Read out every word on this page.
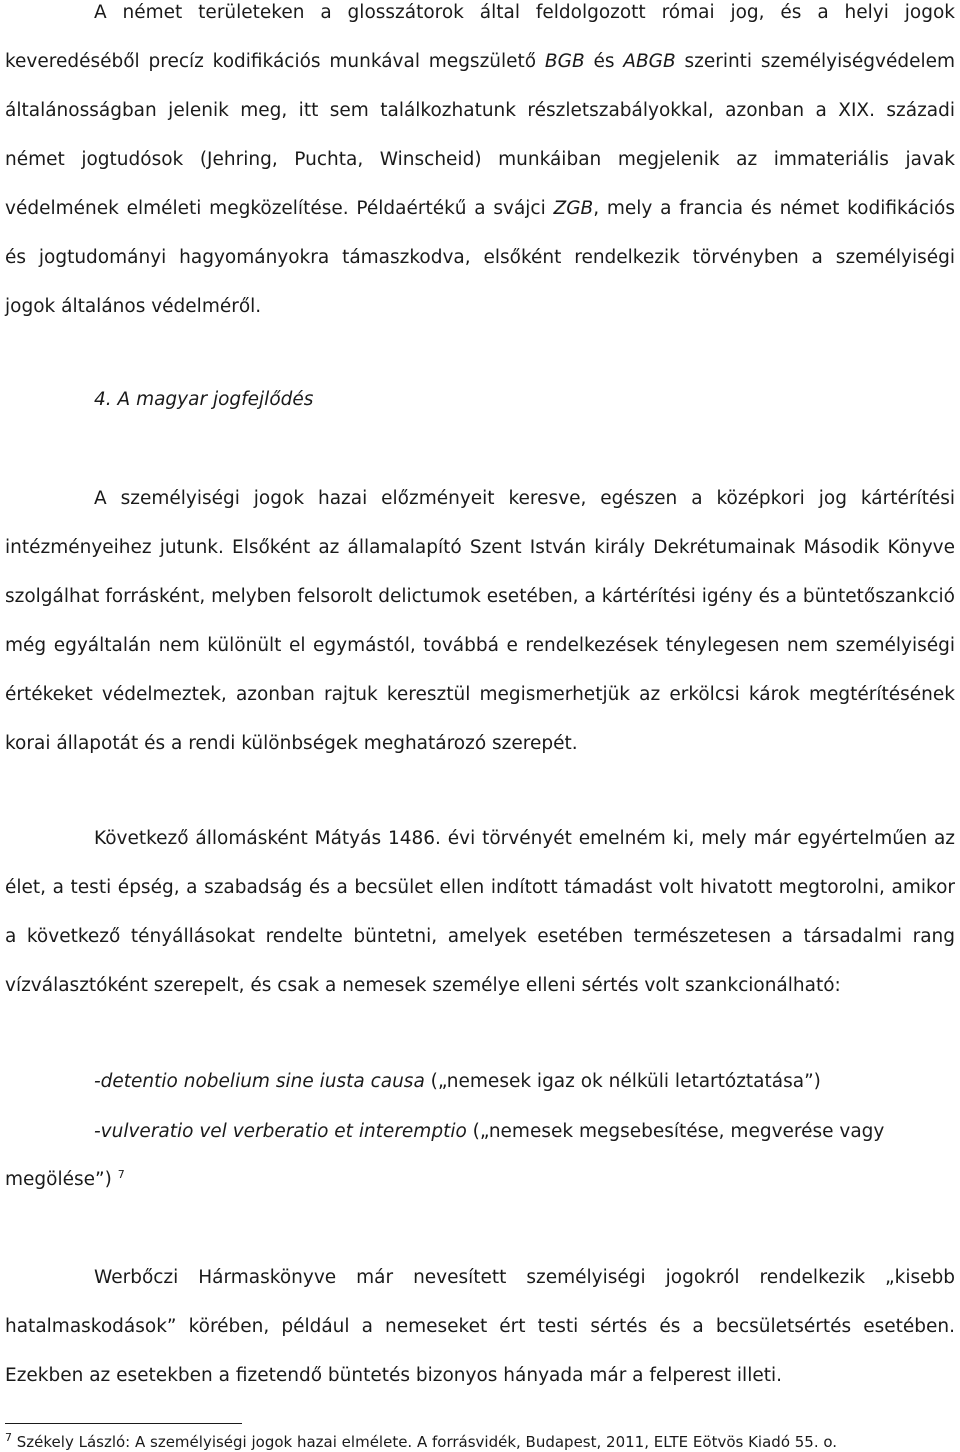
A német területeken a glosszátorok által feldolgozott római jog, és a helyi jogok keveredéséből precíz kodifikációs munkával megszülető BGB és ABGB szerinti személyiségvédelem általánosságban jelenik meg, itt sem találkozhatunk részletszabályokkal, azonban a XIX. századi német jogtudósok (Jehring, Puchta, Winscheid) munkáiban megjelenik az immateriális javak védelmének elméleti megközelítése. Példaértékű a svájci ZGB, mely a francia és német kodifikációs és jogtudományi hagyományokra támaszkodva, elsőként rendelkezik törvényben a személyiségi jogok általános védelméről.

4. A magyar jogfejlődés

A személyiségi jogok hazai előzményeit keresve, egészen a középkori jog kártérítési intézményeihez jutunk. Elsőként az államalapító Szent István király Dekrétumainak Második Könyve szolgálhat forrásként, melyben felsorolt delictumok esetében, a kártérítési igény és a büntetőszankció még egyáltalán nem különült el egymástól, továbbá e rendelkezések ténylegesen nem személyiségi értékeket védelmeztek, azonban rajtuk keresztül megismerhetjük az erkölcsi károk megtérítésének korai állapotát és a rendi különbségek meghatározó szerepét.

Következő állomásként Mátyás 1486. évi törvényét emelném ki, mely már egyértelműen az élet, a testi épség, a szabadság és a becsület ellen indított támadást volt hivatott megtorolni, amikor a következő tényállásokat rendelte büntetni, amelyek esetében természetesen a társadalmi rang vízválasztóként szerepelt, és csak a nemesek személye elleni sértés volt szankcionálható:

-detentio nobelium sine iusta causa („nemesek igaz ok nélküli letartóztatása”)

-vulveratio vel verberatio et interemptio („nemesek megsebesítése, megverése vagy

megölése”) $^7$

Werbőczi Hármaskönyve már nevesített személyiségi jogokról rendelkezik „kisebb hatalmaskodások” körében, például a nemeseket ért testi sértés és a becsületsértés esetében. Ezekben az esetekben a fizetendő büntetés bizonyos hányada már a felperest illeti.

$^7$ Székely László: A személyiségi jogok hazai elmélete. A forrásvidék, Budapest, 2011, ELTE Eötvös Kiadó 55. o.
